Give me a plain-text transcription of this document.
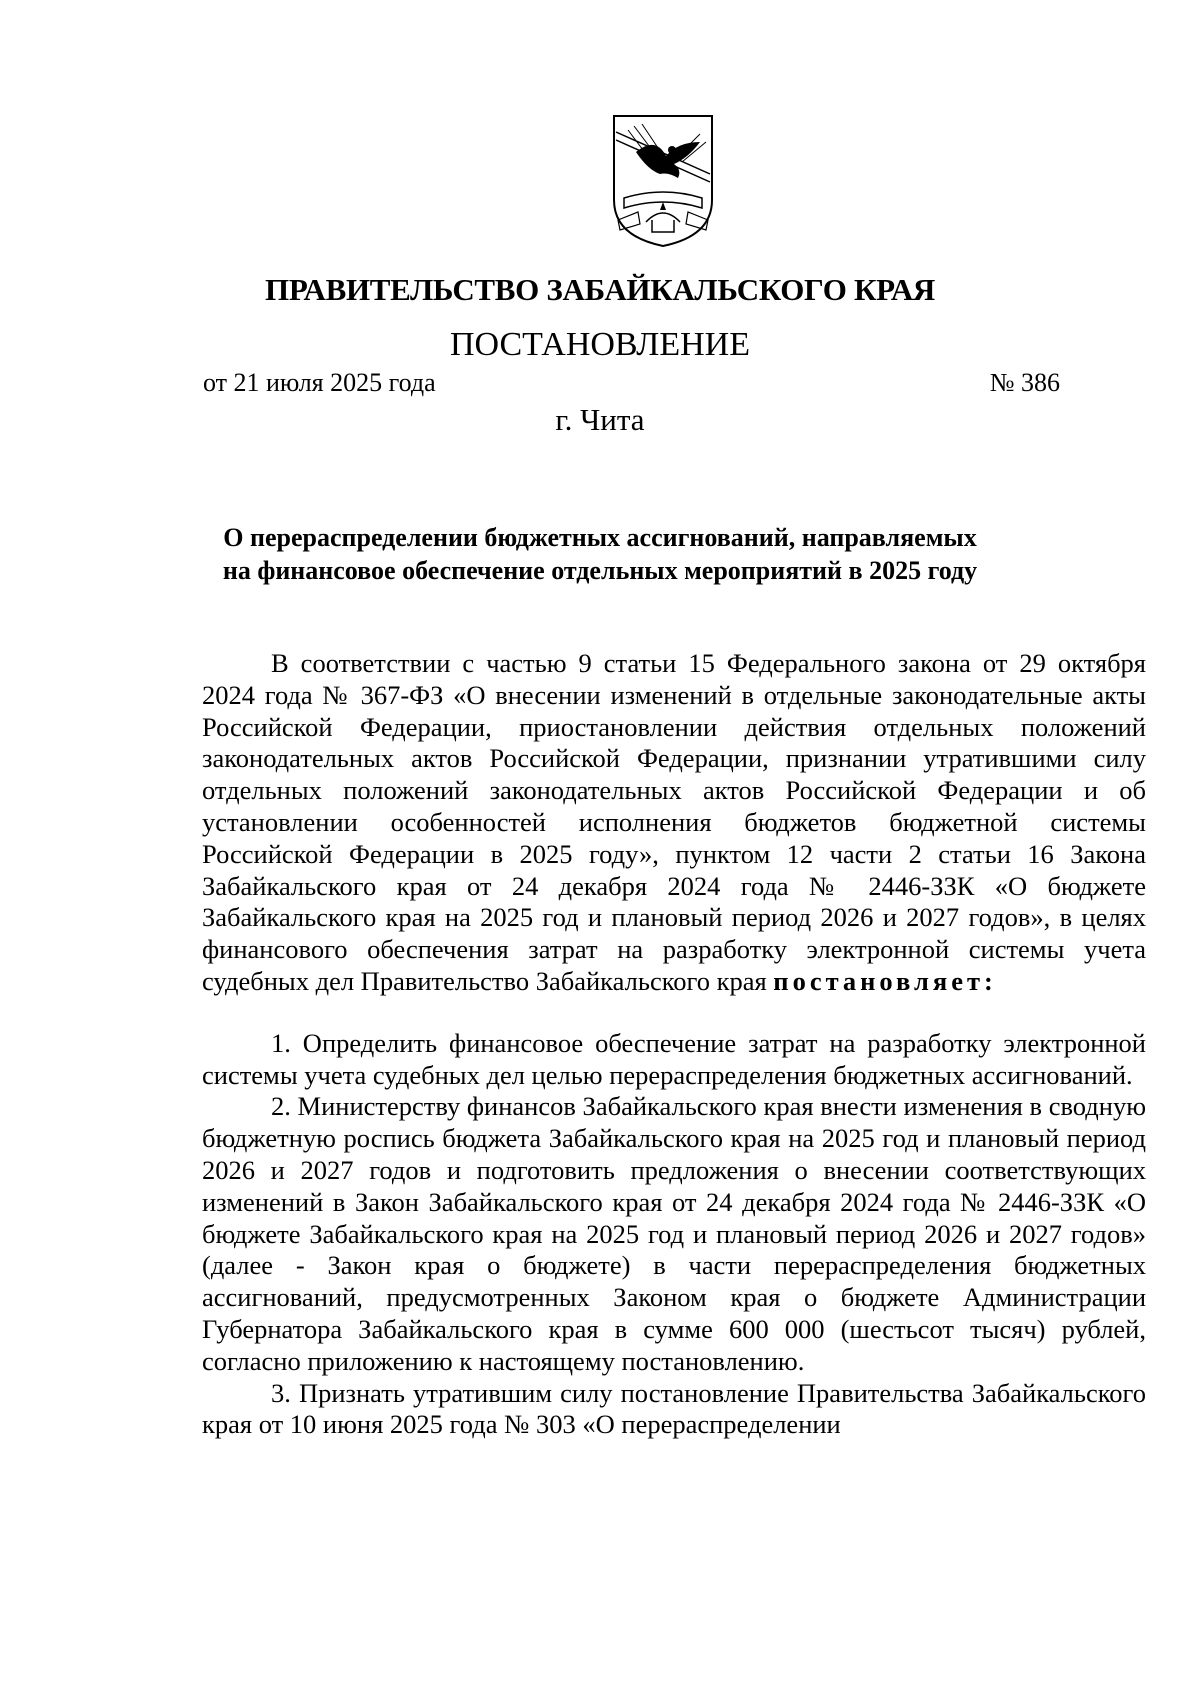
ПРАВИТЕЛЬСТВО ЗАБАЙКАЛЬСКОГО КРАЯ
ПОСТАНОВЛЕНИЕ
от 21 июля 2025 года	№ 386
г. Чита
О перераспределении бюджетных ассигнований, направляемых
на финансовое обеспечение отдельных мероприятий в 2025 году

В соответствии с частью 9 статьи 15 Федерального закона от 29 октября 2024 года № 367-ФЗ «О внесении изменений в отдельные законодательные акты Российской Федерации, приостановлении действия отдельных положений законодательных актов Российской Федерации, признании утратившими силу отдельных положений законодательных актов Российской Федерации и об установлении особенностей исполнения бюджетов бюджетной системы Российской Федерации в 2025 году», пунктом 12 части 2 статьи 16 Закона Забайкальского края от 24 декабря 2024 года № 2446-ЗЗК «О бюджете Забайкальского края на 2025 год и плановый период 2026 и 2027 годов», в целях финансового обеспечения затрат на разработку электронной системы учета судебных дел Правительство Забайкальского края постановляет:

1. Определить финансовое обеспечение затрат на разработку электронной системы учета судебных дел целью перераспределения бюджетных ассигнований.

2. Министерству финансов Забайкальского края внести изменения в сводную бюджетную роспись бюджета Забайкальского края на 2025 год и плановый период 2026 и 2027 годов и подготовить предложения о внесении соответствующих изменений в Закон Забайкальского края от 24 декабря 2024 года № 2446-ЗЗК «О бюджете Забайкальского края на 2025 год и плановый период 2026 и 2027 годов» (далее - Закон края о бюджете) в части перераспределения бюджетных ассигнований, предусмотренных Законом края о бюджете Администрации Губернатора Забайкальского края в сумме 600 000 (шестьсот тысяч) рублей, согласно приложению к настоящему постановлению.

3. Признать утратившим силу постановление Правительства Забайкальского края от 10 июня 2025 года № 303 «О перераспределении
